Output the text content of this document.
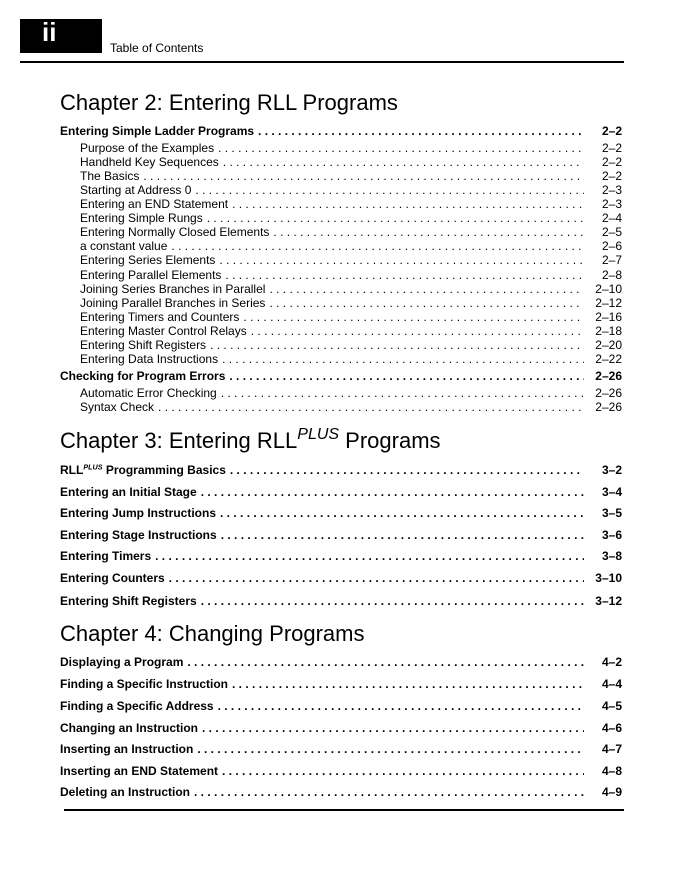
ii
Table of Contents
Chapter 2: Entering RLL Programs
Entering Simple Ladder Programs . . .	2–2
Purpose of the Examples . . .	2–2
Handheld Key Sequences . . .	2–2
The Basics . . .	2–2
Starting at Address 0 . . .	2–3
Entering an END Statement . . .	2–3
Entering Simple Rungs . . .	2–4
Entering Normally Closed Elements . . .	2–5
a constant value . . .	2–6
Entering Series Elements . . .	2–7
Entering Parallel Elements . . .	2–8
Joining Series Branches in Parallel . . .	2–10
Joining Parallel Branches in Series . . .	2–12
Entering Timers and Counters . . .	2–16
Entering Master Control Relays . . .	2–18
Entering Shift Registers . . .	2–20
Entering Data Instructions . . .	2–22
Checking for Program Errors . . .	2–26
Automatic Error Checking . . .	2–26
Syntax Check . . .	2–26
Chapter 3: Entering $RLL^{PLUS}$ Programs
$RLL^{PLUS}$ Programming Basics . . .	3–2
Entering an Initial Stage . . .	3–4
Entering Jump Instructions . . .	3–5
Entering Stage Instructions . . .	3–6
Entering Timers . . .	3–8
Entering Counters . . .	3–10
Entering Shift Registers . . .	3–12
Chapter 4: Changing Programs
Displaying a Program . . .	4–2
Finding a Specific Instruction . . .	4–4
Finding a Specific Address . . .	4–5
Changing an Instruction . . .	4–6
Inserting an Instruction . . .	4–7
Inserting an END Statement . . .	4–8
Deleting an Instruction . . .	4–9
